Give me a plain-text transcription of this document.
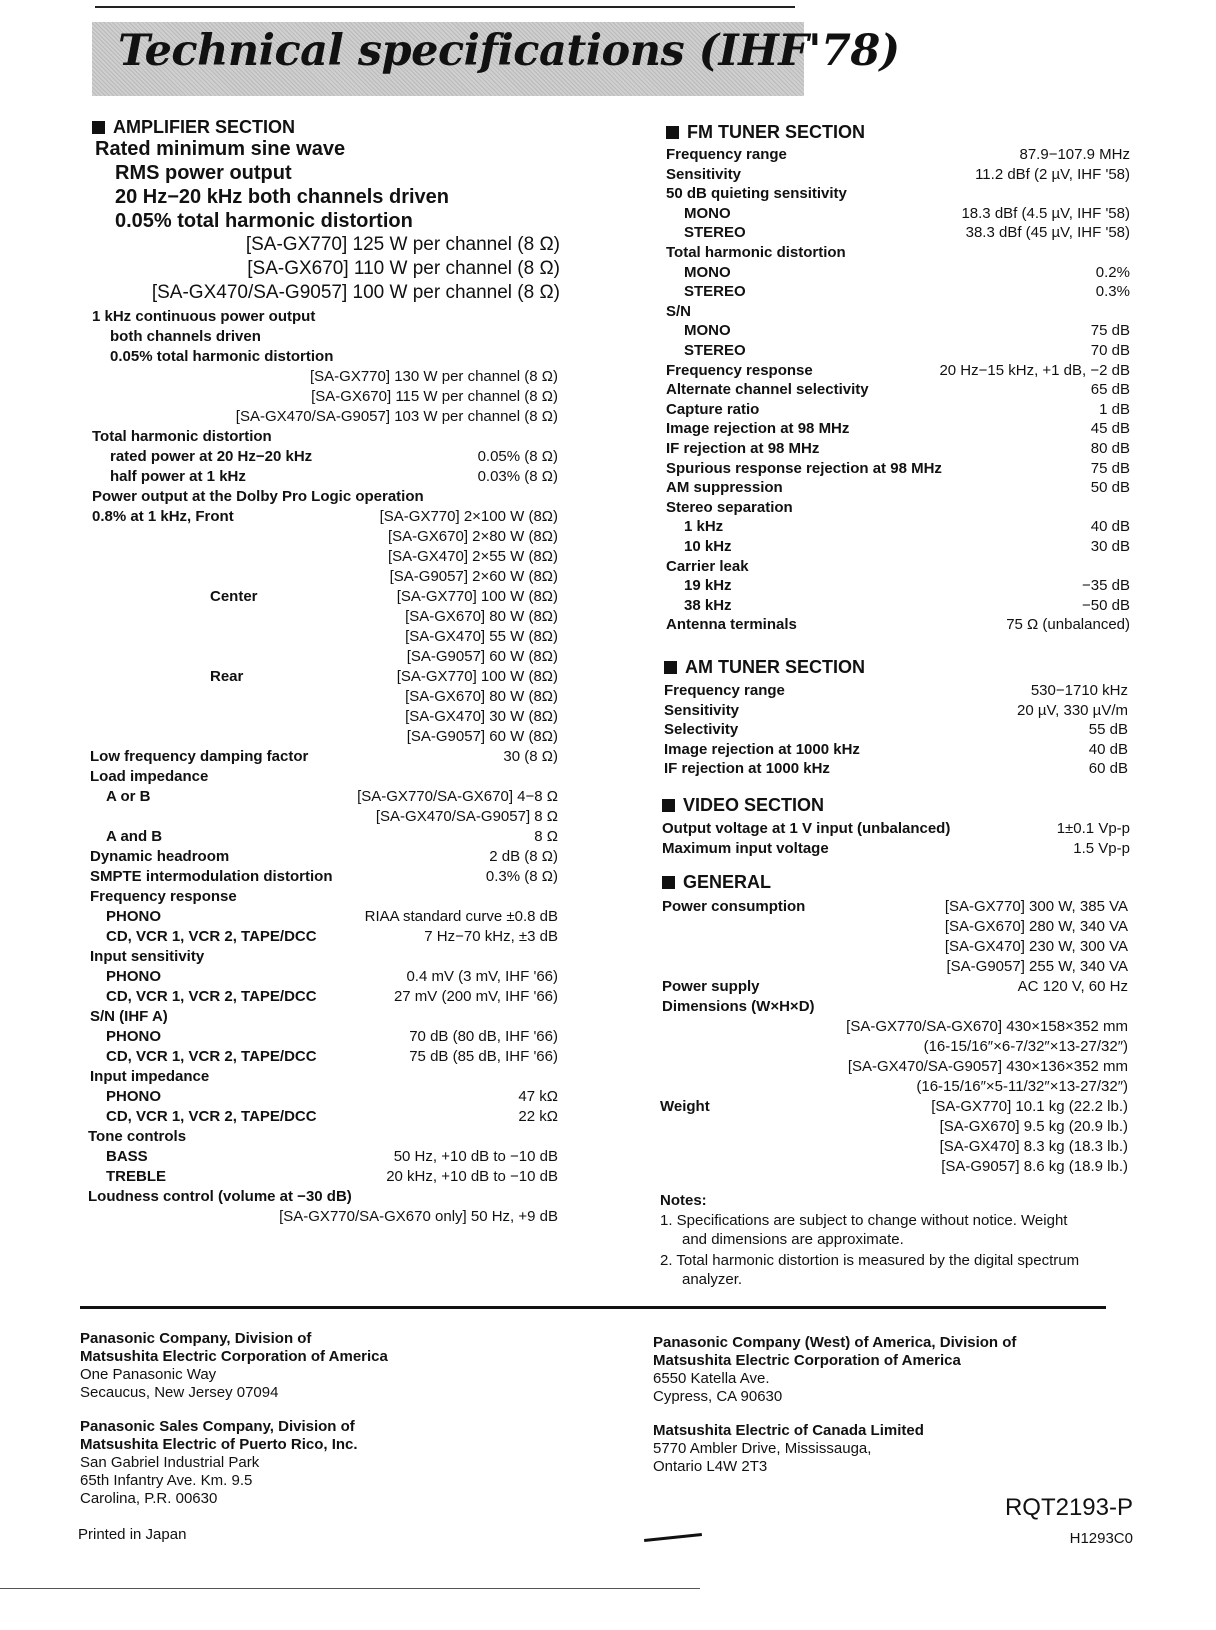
Technical specifications (IHF'78)
AMPLIFIER SECTION
Rated minimum sine wave
RMS power output
20 Hz−20 kHz both channels driven
0.05% total harmonic distortion
[SA-GX770] 125 W per channel (8 Ω)
[SA-GX670] 110 W per channel (8 Ω)
[SA-GX470/SA-G9057] 100 W per channel (8 Ω)
1 kHz continuous power output
both channels driven
0.05% total harmonic distortion
[SA-GX770] 130 W per channel (8 Ω)
[SA-GX670] 115 W per channel (8 Ω)
[SA-GX470/SA-G9057] 103 W per channel (8 Ω)
Total harmonic distortion
rated power at 20 Hz−20 kHz	0.05% (8 Ω)
half power at 1 kHz	0.03% (8 Ω)
Power output at the Dolby Pro Logic operation
0.8% at 1 kHz, Front	[SA-GX770] 2×100 W (8Ω)
[SA-GX670] 2×80 W (8Ω)
[SA-GX470] 2×55 W (8Ω)
[SA-G9057] 2×60 W (8Ω)
Center	[SA-GX770] 100 W (8Ω)
[SA-GX670] 80 W (8Ω)
[SA-GX470] 55 W (8Ω)
[SA-G9057] 60 W (8Ω)
Rear	[SA-GX770] 100 W (8Ω)
[SA-GX670] 80 W (8Ω)
[SA-GX470] 30 W (8Ω)
[SA-G9057] 60 W (8Ω)
Low frequency damping factor	30 (8 Ω)
Load impedance
A or B	[SA-GX770/SA-GX670] 4−8 Ω
[SA-GX470/SA-G9057] 8 Ω
A and B	8 Ω
Dynamic headroom	2 dB (8 Ω)
SMPTE intermodulation distortion	0.3% (8 Ω)
Frequency response
PHONO	RIAA standard curve ±0.8 dB
CD, VCR 1, VCR 2, TAPE/DCC	7 Hz−70 kHz, ±3 dB
Input sensitivity
PHONO	0.4 mV (3 mV, IHF '66)
CD, VCR 1, VCR 2, TAPE/DCC	27 mV (200 mV, IHF '66)
S/N (IHF A)
PHONO	70 dB (80 dB, IHF '66)
CD, VCR 1, VCR 2, TAPE/DCC	75 dB (85 dB, IHF '66)
Input impedance
PHONO	47 kΩ
CD, VCR 1, VCR 2, TAPE/DCC	22 kΩ
Tone controls
BASS	50 Hz, +10 dB to −10 dB
TREBLE	20 kHz, +10 dB to −10 dB
Loudness control (volume at −30 dB)
[SA-GX770/SA-GX670 only] 50 Hz, +9 dB
FM TUNER SECTION
Frequency range	87.9−107.9 MHz
Sensitivity	11.2 dBf (2 µV, IHF '58)
50 dB quieting sensitivity
MONO	18.3 dBf (4.5 µV, IHF '58)
STEREO	38.3 dBf (45 µV, IHF '58)
Total harmonic distortion
MONO	0.2%
STEREO	0.3%
S/N
MONO	75 dB
STEREO	70 dB
Frequency response	20 Hz−15 kHz, +1 dB, −2 dB
Alternate channel selectivity	65 dB
Capture ratio	1 dB
Image rejection at 98 MHz	45 dB
IF rejection at 98 MHz	80 dB
Spurious response rejection at 98 MHz	75 dB
AM suppression	50 dB
Stereo separation
1 kHz	40 dB
10 kHz	30 dB
Carrier leak
19 kHz	−35 dB
38 kHz	−50 dB
Antenna terminals	75 Ω (unbalanced)
AM TUNER SECTION
Frequency range	530−1710 kHz
Sensitivity	20 µV, 330 µV/m
Selectivity	55 dB
Image rejection at 1000 kHz	40 dB
IF rejection at 1000 kHz	60 dB
VIDEO SECTION
Output voltage at 1 V input (unbalanced)	1±0.1 Vp-p
Maximum input voltage	1.5 Vp-p
GENERAL
Power consumption	[SA-GX770] 300 W, 385 VA
[SA-GX670] 280 W, 340 VA
[SA-GX470] 230 W, 300 VA
[SA-G9057] 255 W, 340 VA
Power supply	AC 120 V, 60 Hz
Dimensions (W×H×D)
[SA-GX770/SA-GX670] 430×158×352 mm
(16-15/16″×6-7/32″×13-27/32″)
[SA-GX470/SA-G9057] 430×136×352 mm
(16-15/16″×5-11/32″×13-27/32″)
Weight	[SA-GX770] 10.1 kg (22.2 lb.)
[SA-GX670] 9.5 kg (20.9 lb.)
[SA-GX470] 8.3 kg (18.3 lb.)
[SA-G9057] 8.6 kg (18.9 lb.)
Notes:
1. Specifications are subject to change without notice. Weight
and dimensions are approximate.
2. Total harmonic distortion is measured by the digital spectrum
analyzer.
Panasonic Company, Division of
Matsushita Electric Corporation of America
One Panasonic Way
Secaucus, New Jersey 07094
Panasonic Sales Company, Division of
Matsushita Electric of Puerto Rico, Inc.
San Gabriel Industrial Park
65th Infantry Ave. Km. 9.5
Carolina, P.R. 00630
Printed in Japan
Panasonic Company (West) of America, Division of
Matsushita Electric Corporation of America
6550 Katella Ave.
Cypress, CA 90630
Matsushita Electric of Canada Limited
5770 Ambler Drive, Mississauga,
Ontario L4W 2T3
RQT2193-P
H1293C0
